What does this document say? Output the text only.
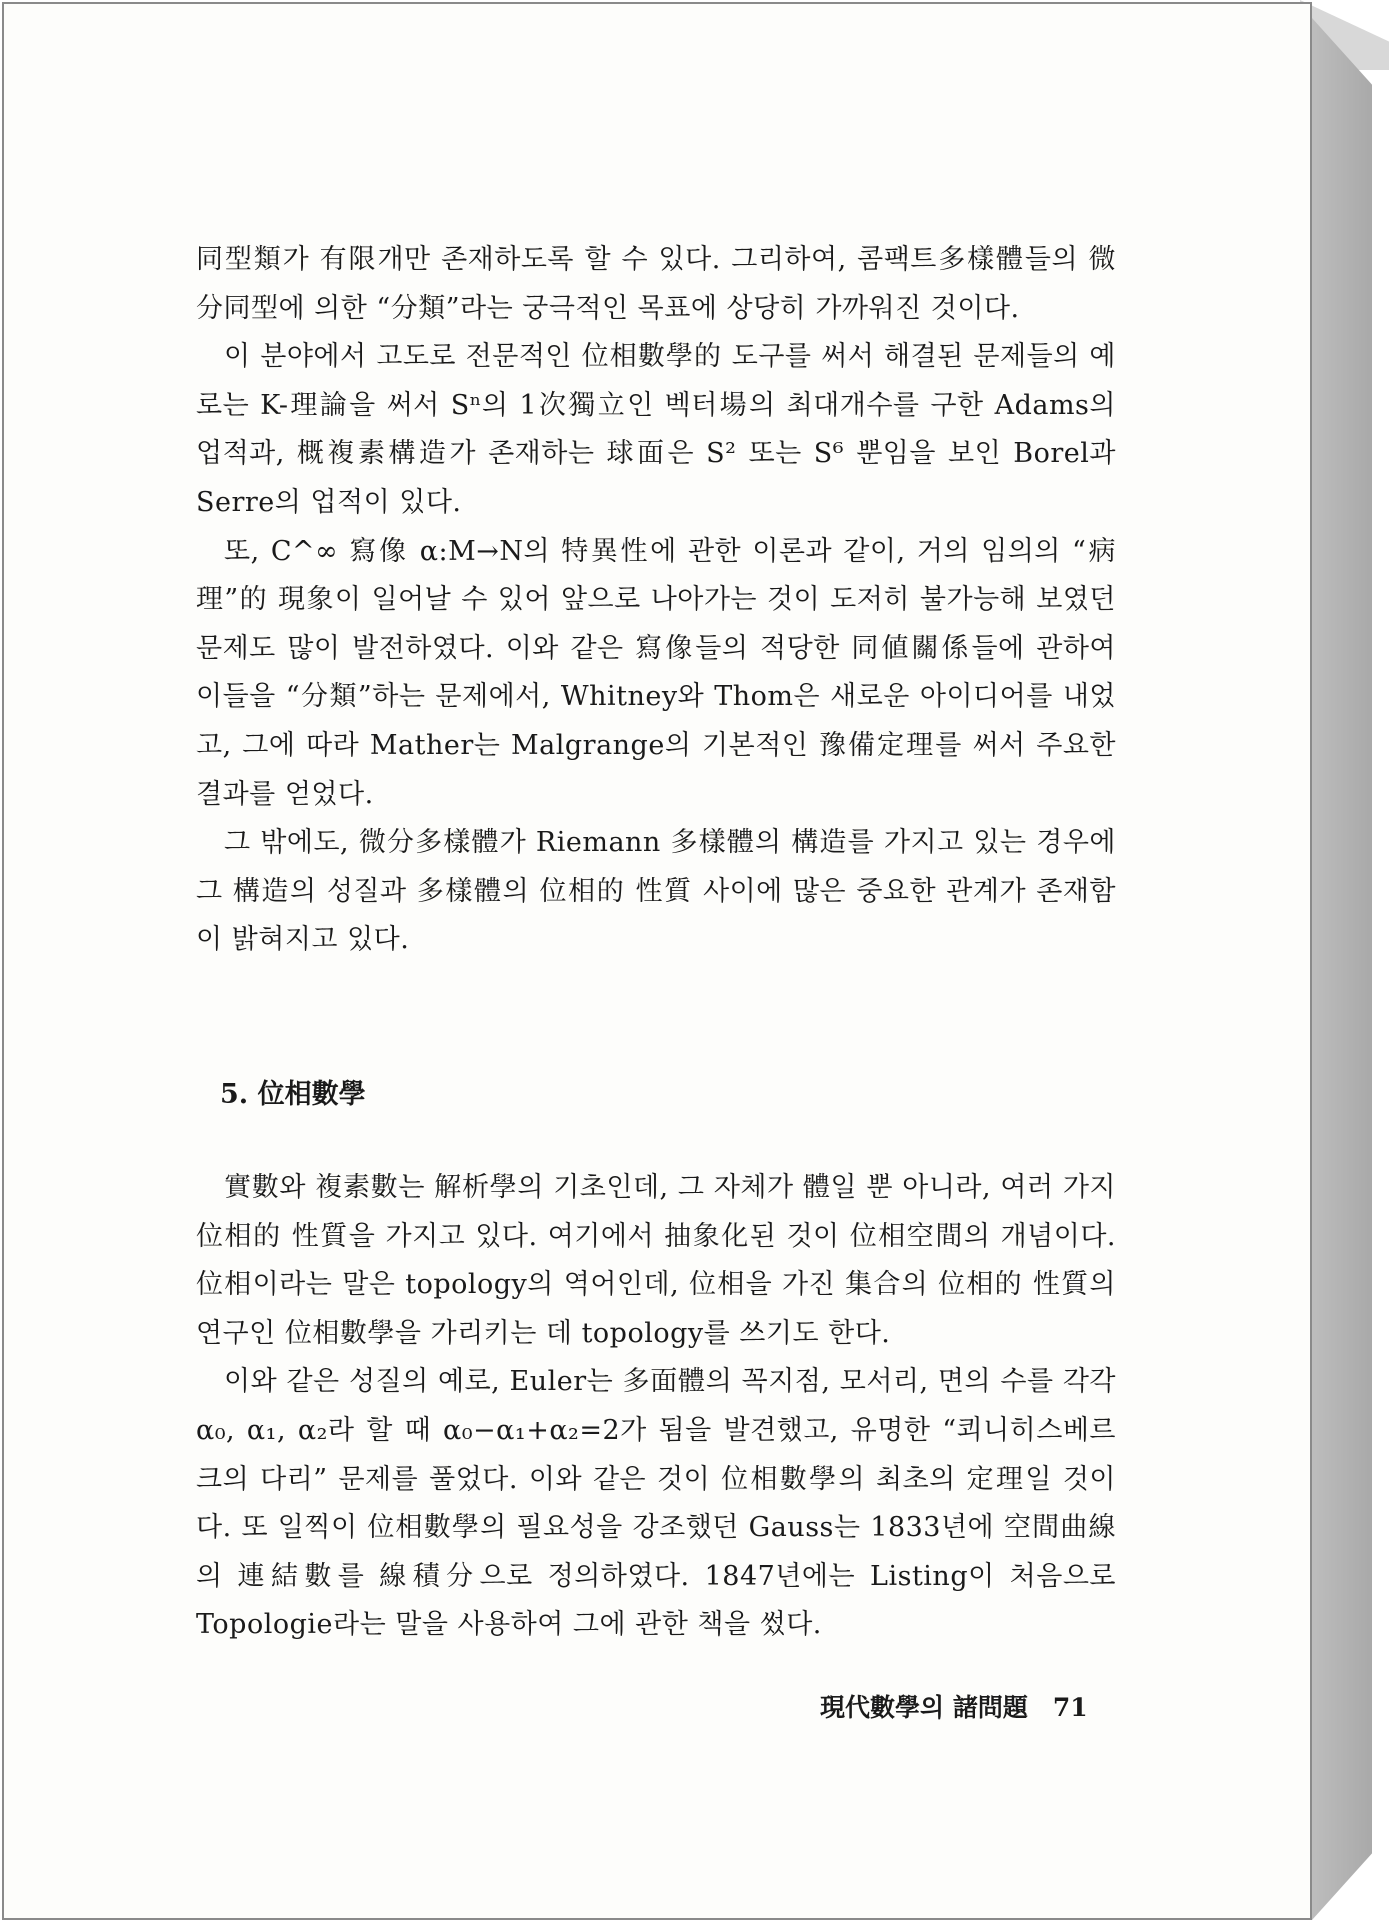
同型類가 有限개만 존재하도록 할 수 있다. 그리하여, 콤팩트多樣體들의 微分同型에 의한 “分類”라는 궁극적인 목표에 상당히 가까워진 것이다.

이 분야에서 고도로 전문적인 位相數學的 도구를 써서 해결된 문제들의 예로는 K-理論을 써서 Sⁿ의 1次獨立인 벡터場의 최대개수를 구한 Adams의 업적과, 概複素構造가 존재하는 球面은 S² 또는 S⁶ 뿐임을 보인 Borel과 Serre의 업적이 있다.

또, C^∞ 寫像 α:M→N의 特異性에 관한 이론과 같이, 거의 임의의 “病理”的 現象이 일어날 수 있어 앞으로 나아가는 것이 도저히 불가능해 보였던 문제도 많이 발전하였다. 이와 같은 寫像들의 적당한 同値關係들에 관하여 이들을 “分類”하는 문제에서, Whitney와 Thom은 새로운 아이디어를 내었고, 그에 따라 Mather는 Malgrange의 기본적인 豫備定理를 써서 주요한 결과를 얻었다.

그 밖에도, 微分多樣體가 Riemann 多樣體의 構造를 가지고 있는 경우에 그 構造의 성질과 多樣體의 位相的 性質 사이에 많은 중요한 관계가 존재함이 밝혀지고 있다.

5. 位相數學

實數와 複素數는 解析學의 기초인데, 그 자체가 體일 뿐 아니라, 여러 가지 位相的 性質을 가지고 있다. 여기에서 抽象化된 것이 位相空間의 개념이다. 位相이라는 말은 topology의 역어인데, 位相을 가진 集合의 位相的 性質의 연구인 位相數學을 가리키는 데 topology를 쓰기도 한다.

이와 같은 성질의 예로, Euler는 多面體의 꼭지점, 모서리, 면의 수를 각각 α₀, α₁, α₂라 할 때 α₀−α₁+α₂=2가 됨을 발견했고, 유명한 “쾨니히스베르크의 다리” 문제를 풀었다. 이와 같은 것이 位相數學의 최초의 定理일 것이다. 또 일찍이 位相數學의 필요성을 강조했던 Gauss는 1833년에 空間曲線의 連結數를 線積分으로 정의하였다. 1847년에는 Listing이 처음으로 Topologie라는 말을 사용하여 그에 관한 책을 썼다.

現代數學의 諸問題　71
